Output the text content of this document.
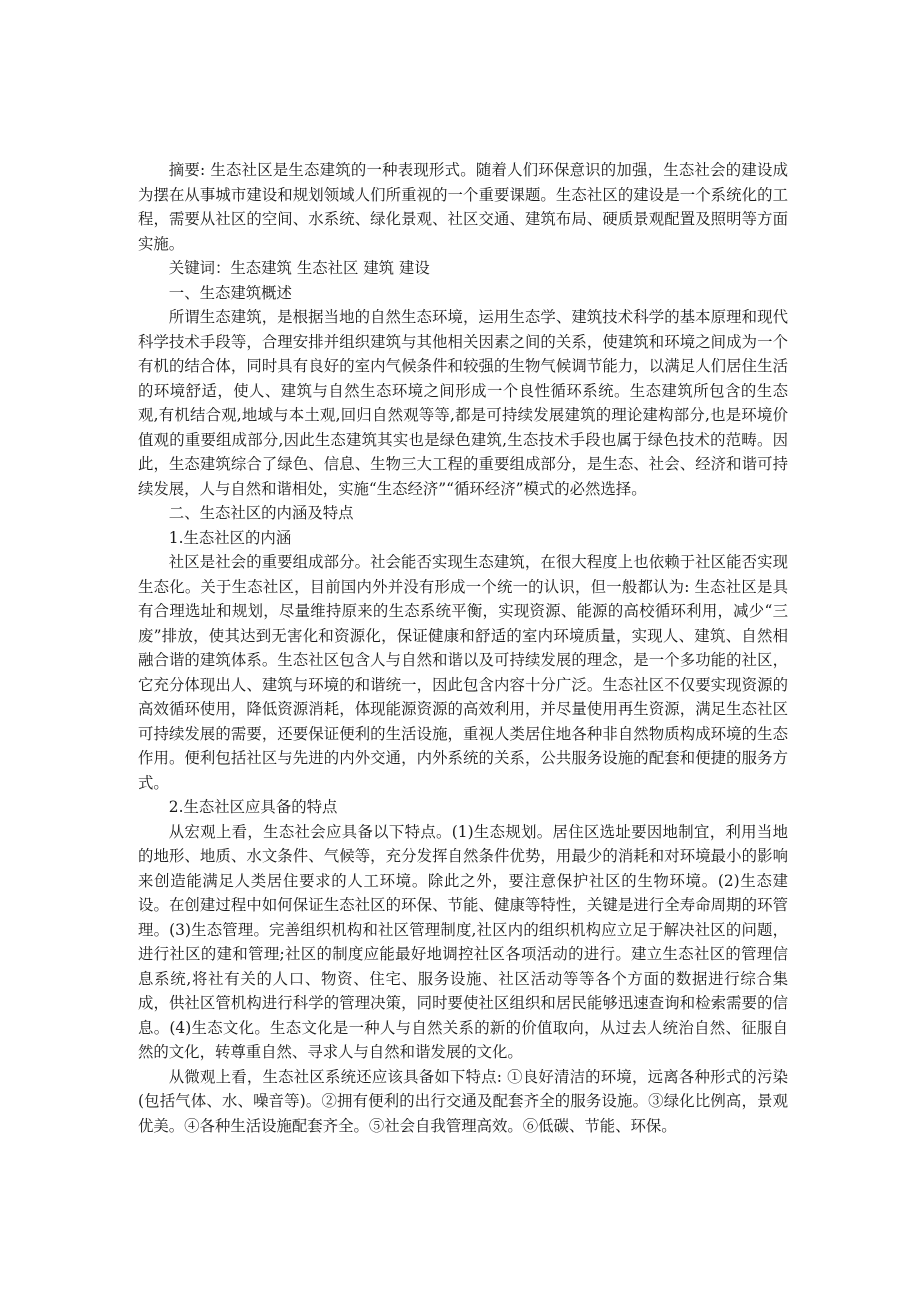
摘要: 生态社区是生态建筑的一种表现形式。随着人们环保意识的加强，生态社会的建设成为摆在从事城市建设和规划领域人们所重视的一个重要课题。生态社区的建设是一个系统化的工程，需要从社区的空间、水系统、绿化景观、社区交通、建筑布局、硬质景观配置及照明等方面实施。

关键词：生态建筑 生态社区 建筑 建设

一、生态建筑概述

所谓生态建筑，是根据当地的自然生态环境，运用生态学、建筑技术科学的基本原理和现代科学技术手段等，合理安排并组织建筑与其他相关因素之间的关系，使建筑和环境之间成为一个有机的结合体，同时具有良好的室内气候条件和较强的生物气候调节能力，以满足人们居住生活的环境舒适，使人、建筑与自然生态环境之间形成一个良性循环系统。生态建筑所包含的生态观,有机结合观,地域与本土观,回归自然观等等,都是可持续发展建筑的理论建构部分,也是环境价值观的重要组成部分,因此生态建筑其实也是绿色建筑,生态技术手段也属于绿色技术的范畴。因此，生态建筑综合了绿色、信息、生物三大工程的重要组成部分，是生态、社会、经济和谐可持续发展，人与自然和谐相处，实施“生态经济”“循环经济”模式的必然选择。

二、生态社区的内涵及特点

1.生态社区的内涵

社区是社会的重要组成部分。社会能否实现生态建筑，在很大程度上也依赖于社区能否实现生态化。关于生态社区，目前国内外并没有形成一个统一的认识，但一般都认为: 生态社区是具有合理选址和规划，尽量维持原来的生态系统平衡，实现资源、能源的高校循环利用，减少“三废”排放，使其达到无害化和资源化，保证健康和舒适的室内环境质量，实现人、建筑、自然相融合谐的建筑体系。生态社区包含人与自然和谐以及可持续发展的理念，是一个多功能的社区，它充分体现出人、建筑与环境的和谐统一，因此包含内容十分广泛。生态社区不仅要实现资源的高效循环使用，降低资源消耗，体现能源资源的高效利用，并尽量使用再生资源，满足生态社区可持续发展的需要，还要保证便利的生活设施，重视人类居住地各种非自然物质构成环境的生态作用。便利包括社区与先进的内外交通，内外系统的关系，公共服务设施的配套和便捷的服务方式。

2.生态社区应具备的特点

从宏观上看，生态社会应具备以下特点。(1)生态规划。居住区选址要因地制宜，利用当地的地形、地质、水文条件、气候等，充分发挥自然条件优势，用最少的消耗和对环境最小的影响来创造能满足人类居住要求的人工环境。除此之外，要注意保护社区的生物环境。(2)生态建设。在创建过程中如何保证生态社区的环保、节能、健康等特性，关键是进行全寿命周期的环管理。(3)生态管理。完善组织机构和社区管理制度,社区内的组织机构应立足于解决社区的问题，进行社区的建和管理;社区的制度应能最好地调控社区各项活动的进行。建立生态社区的管理信息系统,将社有关的人口、物资、住宅、服务设施、社区活动等等各个方面的数据进行综合集成，供社区管机构进行科学的管理决策，同时要使社区组织和居民能够迅速查询和检索需要的信息。(4)生态文化。生态文化是一种人与自然关系的新的价值取向，从过去人统治自然、征服自然的文化，转尊重自然、寻求人与自然和谐发展的文化。

从微观上看，生态社区系统还应该具备如下特点: ①良好清洁的环境，远离各种形式的污染(包括气体、水、噪音等)。②拥有便利的出行交通及配套齐全的服务设施。③绿化比例高，景观优美。④各种生活设施配套齐全。⑤社会自我管理高效。⑥低碳、节能、环保。
